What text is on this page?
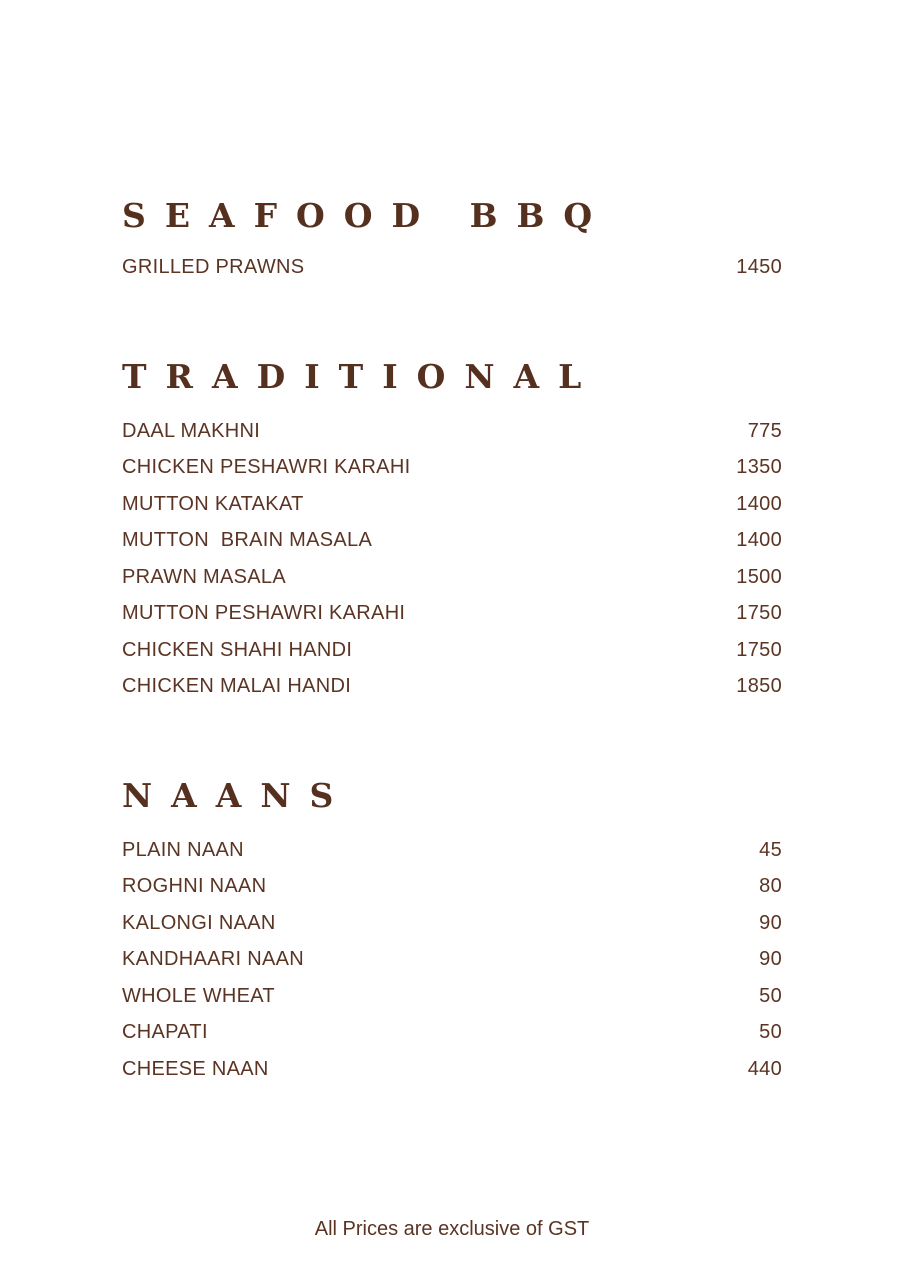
SEAFOOD BBQ
GRILLED PRAWNS	1450
TRADITIONAL
DAAL MAKHNI	775
CHICKEN PESHAWRI KARAHI	1350
MUTTON KATAKAT	1400
MUTTON  BRAIN MASALA	1400
PRAWN MASALA	1500
MUTTON PESHAWRI KARAHI	1750
CHICKEN SHAHI HANDI	1750
CHICKEN MALAI HANDI	1850
NAANS
PLAIN NAAN	45
ROGHNI NAAN	80
KALONGI NAAN	90
KANDHAARI NAAN	90
WHOLE WHEAT	50
CHAPATI	50
CHEESE NAAN	440
All Prices are exclusive of GST
